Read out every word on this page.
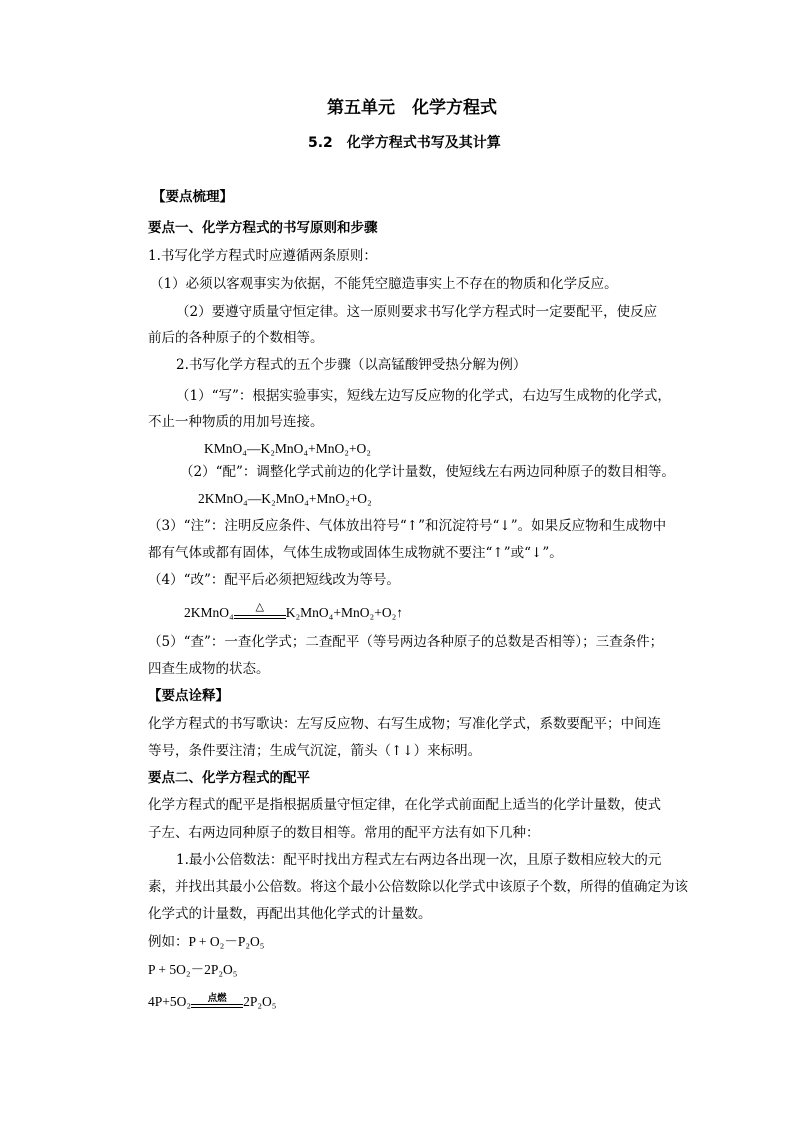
第五单元　化学方程式
5.2　化学方程式书写及其计算
【要点梳理】
要点一、化学方程式的书写原则和步骤
1.书写化学方程式时应遵循两条原则：
（1）必须以客观事实为依据，不能凭空臆造事实上不存在的物质和化学反应。
（2）要遵守质量守恒定律。这一原则要求书写化学方程式时一定要配平，使反应
前后的各种原子的个数相等。
2.书写化学方程式的五个步骤（以高锰酸钾受热分解为例）
（1）“写”：根据实验事实，短线左边写反应物的化学式，右边写生成物的化学式，
不止一种物质的用加号连接。
KMnO₄—K₂MnO₄+MnO₂+O₂
（2）“配”：调整化学式前边的化学计量数，使短线左右两边同种原子的数目相等。
2KMnO₄—K₂MnO₄+MnO₂+O₂
（3）“注”：注明反应条件、气体放出符号“↑”和沉淀符号“↓”。如果反应物和生成物中
都有气体或都有固体，气体生成物或固体生成物就不要注“↑”或“↓”。
（4）“改”：配平后必须把短线改为等号。
2KMnO₄	△	K₂MnO₄+MnO₂+O₂↑
（5）“查”：一查化学式；二查配平（等号两边各种原子的总数是否相等）；三查条件；
四查生成物的状态。
【要点诠释】
化学方程式的书写歌诀：左写反应物、右写生成物；写准化学式，系数要配平；中间连
等号，条件要注清；生成气沉淀，箭头（↑↓）来标明。
要点二、化学方程式的配平
化学方程式的配平是指根据质量守恒定律，在化学式前面配上适当的化学计量数，使式
子左、右两边同种原子的数目相等。常用的配平方法有如下几种：
1.最小公倍数法：配平时找出方程式左右两边各出现一次，且原子数相应较大的元
素，并找出其最小公倍数。将这个最小公倍数除以化学式中该原子个数，所得的值确定为该
化学式的计量数，再配出其他化学式的计量数。
例如：P + O₂－P₂O₅
P + 5O₂－2P₂O₅
4P+5O₂	点燃	2P₂O₅
